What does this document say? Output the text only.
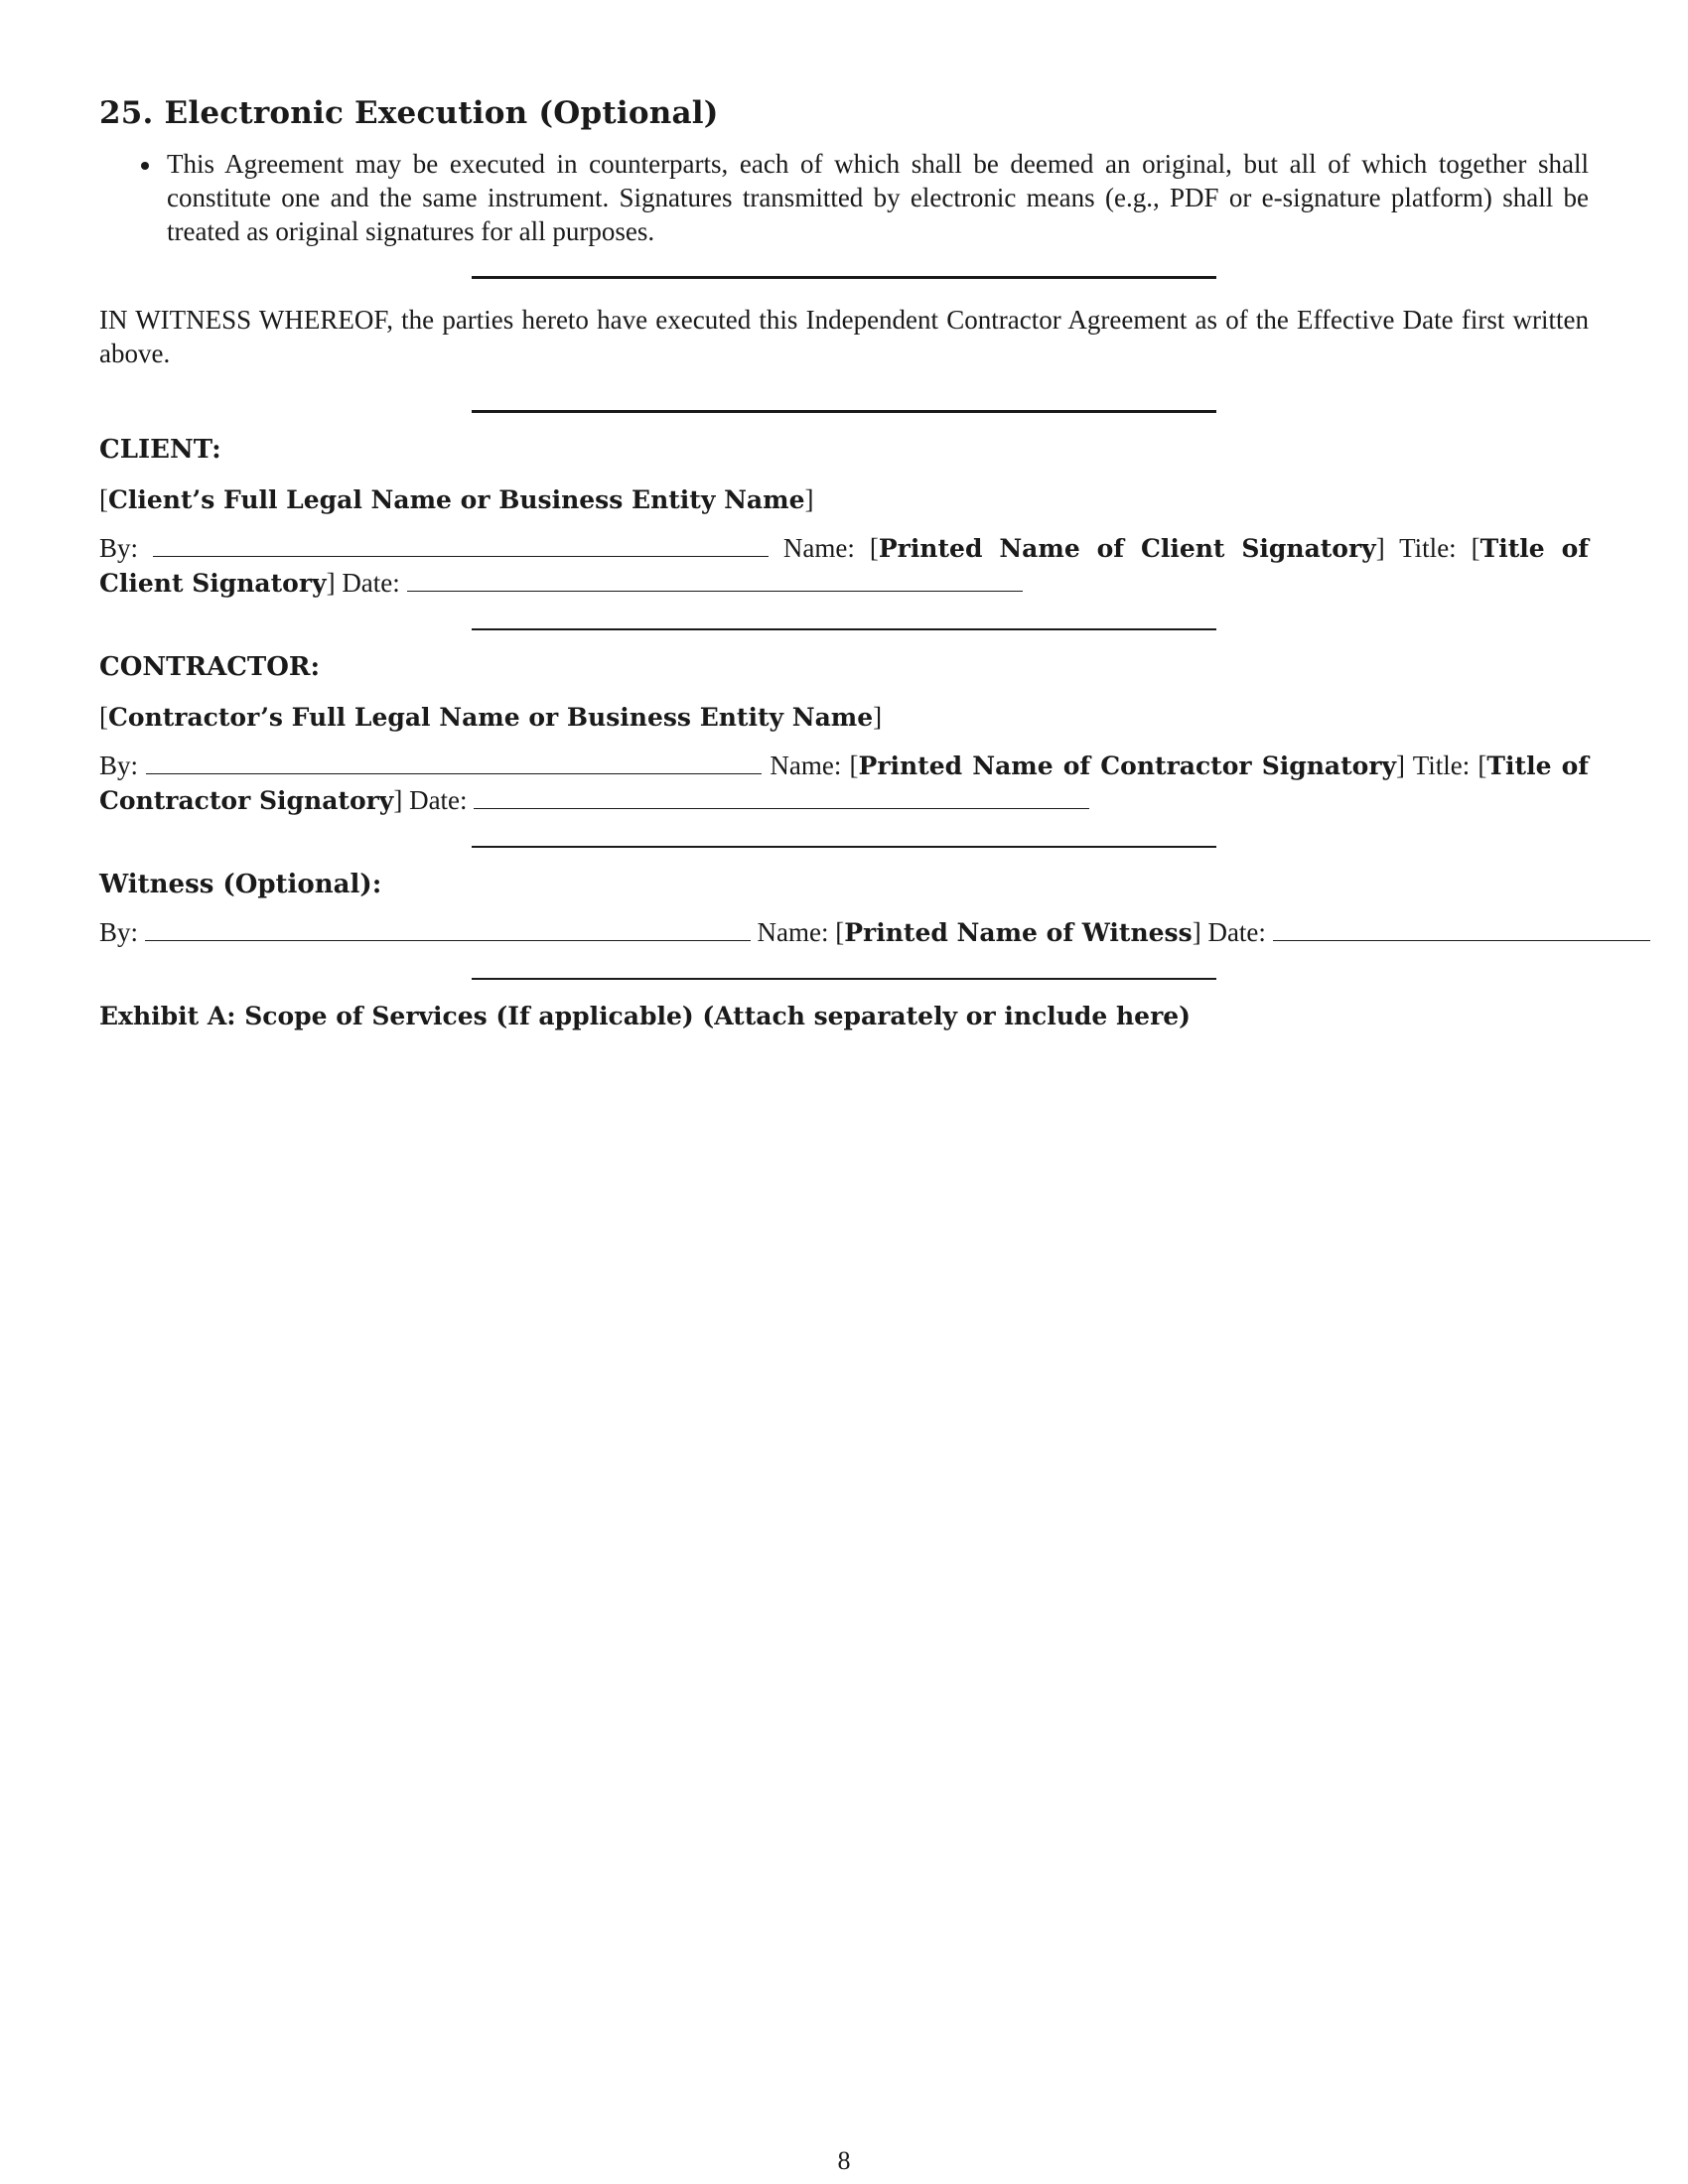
25. Electronic Execution (Optional)
This Agreement may be executed in counterparts, each of which shall be deemed an original, but all of which together shall constitute one and the same instrument. Signatures transmitted by electronic means (e.g., PDF or e-signature platform) shall be treated as original signatures for all purposes.

IN WITNESS WHEREOF, the parties hereto have executed this Independent Contractor Agreement as of the Effective Date first written above.

CLIENT:

[Client’s Full Legal Name or Business Entity Name]

By:	Name: [Printed Name of Client Signatory] Title: [Title of Client Signatory] Date:

CONTRACTOR:

[Contractor’s Full Legal Name or Business Entity Name]

By:	Name: [Printed Name of Contractor Signatory] Title: [Title of Contractor Signatory] Date:

Witness (Optional):

By:	Name: [Printed Name of Witness] Date:

Exhibit A: Scope of Services (If applicable) (Attach separately or include here)

8
